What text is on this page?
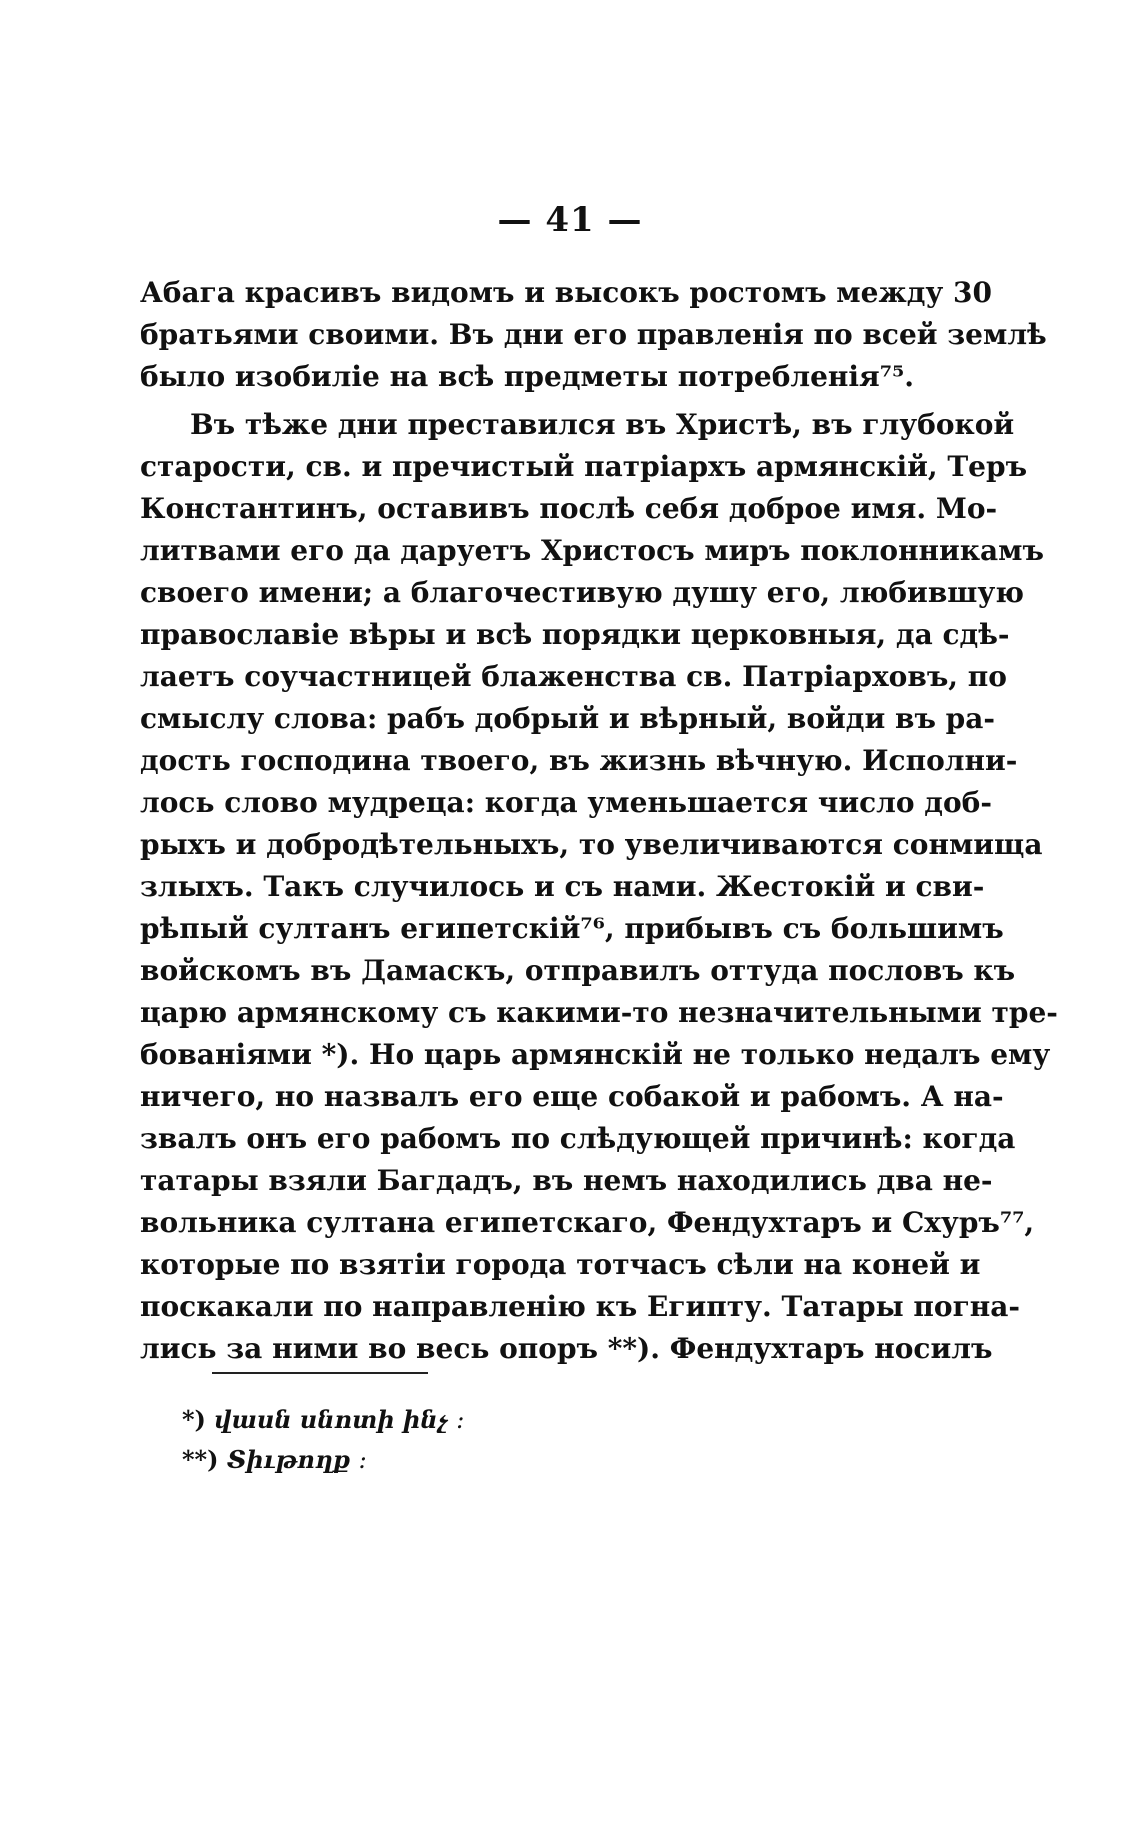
— 41 —
Абага красивъ видомъ и высокъ ростомъ между 30
братьями своими. Въ дни его правленія по всей землѣ
было изобиліе на всѣ предметы потребленія⁷⁵.
Въ тѣже дни преставился въ Христѣ, въ глубокой
старости, св. и пречистый патріархъ армянскій, Теръ
Константинъ, оставивъ послѣ себя доброе имя. Мо-
литвами его да даруетъ Христосъ миръ поклонникамъ
своего имени; а благочестивую душу его, любившую
православіе вѣры и всѣ порядки церковныя, да сдѣ-
лаетъ соучастницей блаженства св. Патріарховъ, по
смыслу слова: рабъ добрый и вѣрный, войди въ ра-
дость господина твоего, въ жизнь вѣчную. Исполни-
лось слово мудреца: когда уменьшается число доб-
рыхъ и добродѣтельныхъ, то увеличиваются сонмища
злыхъ. Такъ случилось и съ нами. Жестокій и сви-
рѣпый султанъ египетскій⁷⁶, прибывъ съ большимъ
войскомъ въ Дамаскъ, отправилъ оттуда пословъ къ
царю армянскому съ какими-то незначительными тре-
бованіями *). Но царь армянскій не только недалъ ему
ничего, но назвалъ его еще собакой и рабомъ. А на-
звалъ онъ его рабомъ по слѣдующей причинѣ: когда
татары взяли Багдадъ, въ немъ находились два не-
вольника султана египетскаго, Фендухтаръ и Схуръ⁷⁷,
которые по взятіи города тотчасъ сѣли на коней и
поскакали по направленію къ Египту. Татары погна-
лись за ними во весь опоръ **). Фендухтаръ носилъ
*) վասն սնոտի ինչ ։
**) Տիւթողք ։
